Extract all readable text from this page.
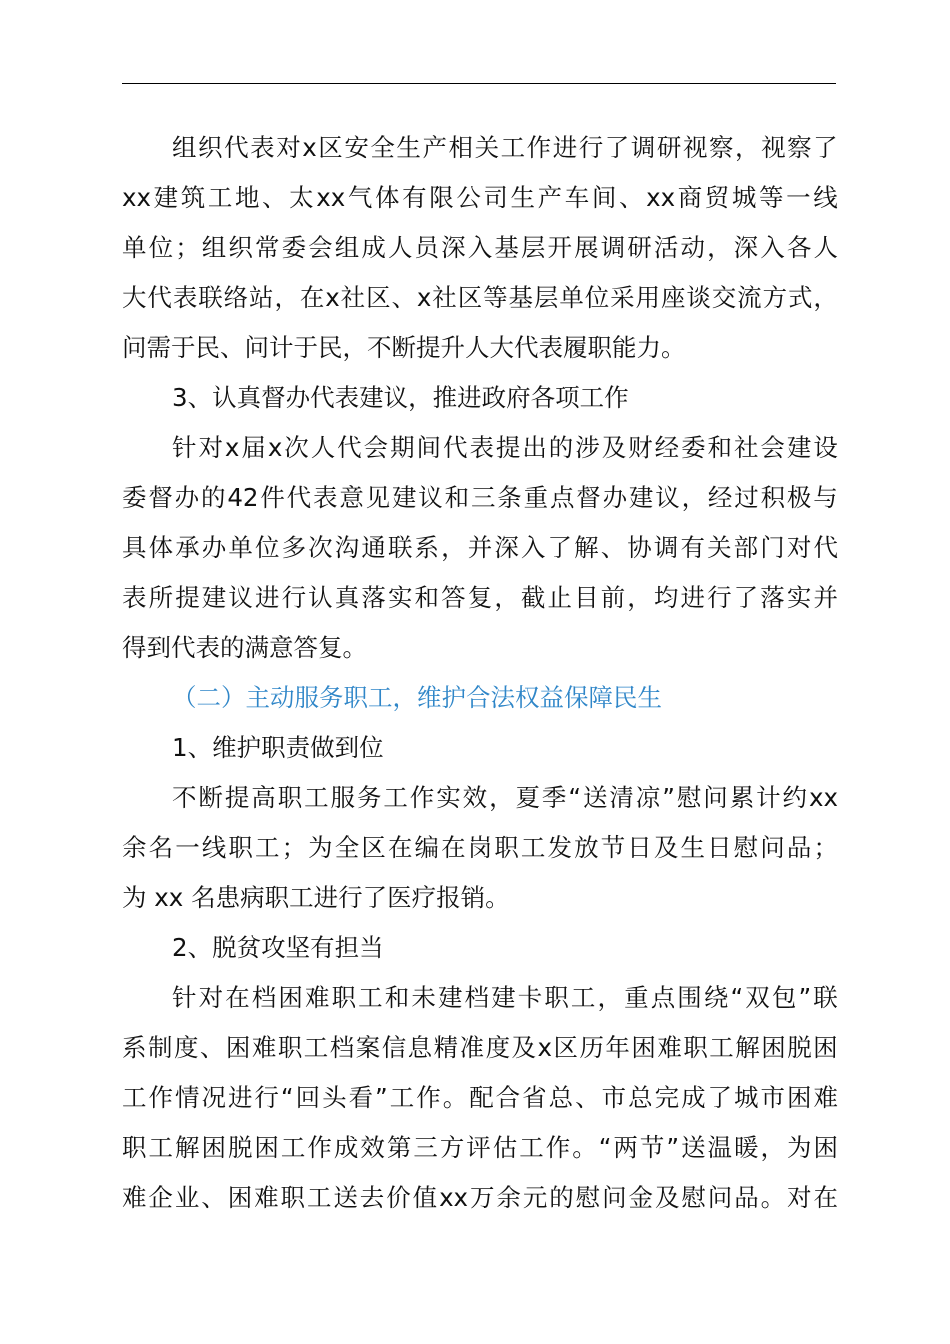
组 织 代 表 对 x 区 安 全 生 产 相 关 工 作 进 行 了 调 研 视 察 ， 视 察 了
xx 建 筑 工 地 、 太 xx 气 体 有 限 公 司 生 产 车 间 、 xx 商 贸 城 等 一 线
单 位 ； 组 织 常 委 会 组 成 人 员 深 入 基 层 开 展 调 研 活 动 ， 深 入 各 人
大 代 表 联 络 站 ， 在 x 社 区 、 x 社 区 等 基 层 单 位 采 用 座 谈 交 流 方 式 ，
问需于民、问计于民，不断提升人大代表履职能力。
3、认真督办代表建议，推进政府各项工作
针 对 x 届 x 次 人 代 会 期 间 代 表 提 出 的 涉 及 财 经 委 和 社 会 建 设
委 督 办 的 42 件 代 表 意 见 建 议 和 三 条 重 点 督 办 建 议 ， 经 过 积 极 与
具 体 承 办 单 位 多 次 沟 通 联 系 ， 并 深 入 了 解 、 协 调 有 关 部 门 对 代
表 所 提 建 议 进 行 认 真 落 实 和 答 复 ， 截 止 目 前 ， 均 进 行 了 落 实 并
得到代表的满意答复。
（二）主动服务职工，维护合法权益保障民生
1、维护职责做到位
不 断 提 高 职 工 服 务 工 作 实 效 ， 夏 季 “ 送 清 凉 ” 慰 问 累 计 约 xx
余 名 一 线 职 工 ； 为 全 区 在 编 在 岗 职 工 发 放 节 日 及 生 日 慰 问 品 ；
为 xx 名患病职工进行了医疗报销。
2、脱贫攻坚有担当
针 对 在 档 困 难 职 工 和 未 建 档 建 卡 职 工 ， 重 点 围 绕 “ 双 包 ” 联
系 制 度 、 困 难 职 工 档 案 信 息 精 准 度 及 x 区 历 年 困 难 职 工 解 困 脱 困
工 作 情 况 进 行 “ 回 头 看 ” 工 作 。 配 合 省 总 、 市 总 完 成 了 城 市 困 难
职 工 解 困 脱 困 工 作 成 效 第 三 方 评 估 工 作 。 “ 两 节 ” 送 温 暖 ， 为 困
难 企 业 、 困 难 职 工 送 去 价 值 xx 万 余 元 的 慰 问 金 及 慰 问 品 。 对 在
